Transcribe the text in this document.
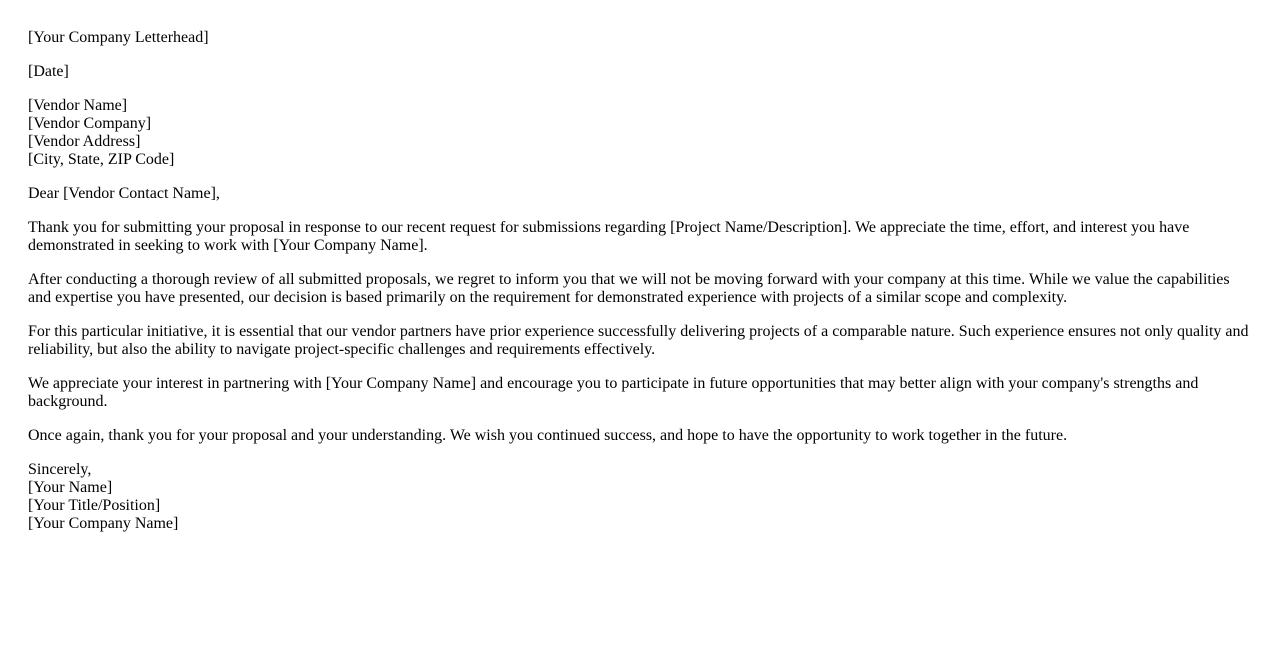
[Your Company Letterhead]
[Date]
[Vendor Name]
[Vendor Company]
[Vendor Address]
[City, State, ZIP Code]
Dear [Vendor Contact Name],

Thank you for submitting your proposal in response to our recent request for submissions regarding [Project Name/Description]. We appreciate the time, effort, and interest you have demonstrated in seeking to work with [Your Company Name].

After conducting a thorough review of all submitted proposals, we regret to inform you that we will not be moving forward with your company at this time. While we value the capabilities and expertise you have presented, our decision is based primarily on the requirement for demonstrated experience with projects of a similar scope and complexity.

For this particular initiative, it is essential that our vendor partners have prior experience successfully delivering projects of a comparable nature. Such experience ensures not only quality and reliability, but also the ability to navigate project-specific challenges and requirements effectively.

We appreciate your interest in partnering with [Your Company Name] and encourage you to participate in future opportunities that may better align with your company's strengths and background.

Once again, thank you for your proposal and your understanding. We wish you continued success, and hope to have the opportunity to work together in the future.

Sincerely,
[Your Name]
[Your Title/Position]
[Your Company Name]
